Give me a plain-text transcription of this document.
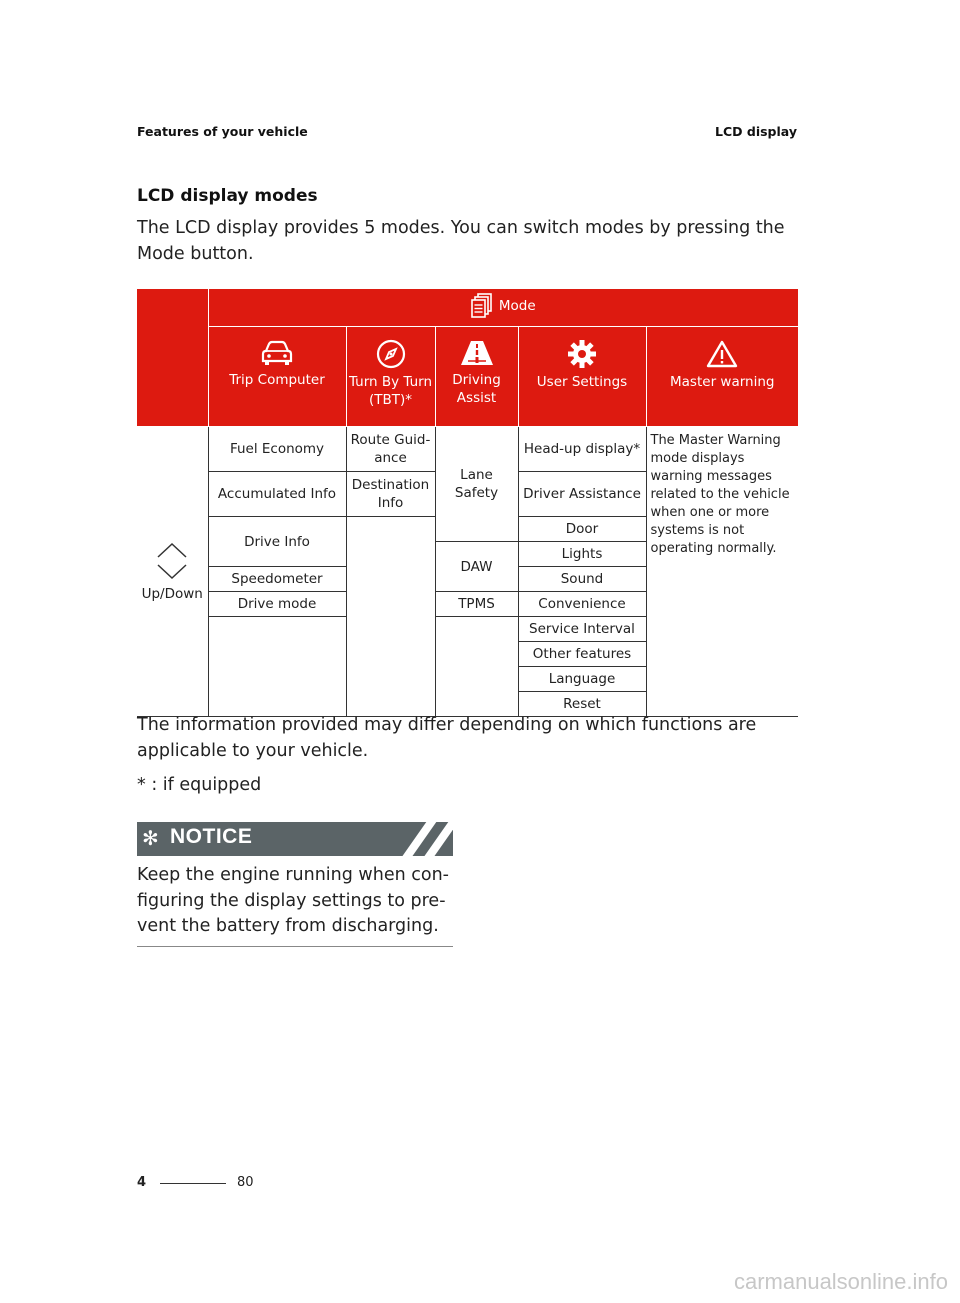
Features of your vehicle	LCD display
LCD display modes
The LCD display provides 5 modes. You can switch modes by pressing the Mode button.

	Mode				

Trip Computer	Turn By Turn (TBT)*	Driving Assist	User Settings	Master warning

Up/Down	Fuel Economy	Route Guid- ance	Lane Safety	Head-up display*	The Master Warning mode displays warning messages related to the vehicle when one or more systems is not operating normally.
	Accumulated Info	Destination Info		Driver Assistance	
	Drive Info			Door	
			DAW	Lights	
	Speedometer			Sound	
	Drive mode		TPMS	Convenience	
				Service Interval	
				Other features	
				Language	
				Reset	
The information provided may differ depending on which functions are applicable to your vehicle.
* : if equipped
✻ NOTICE
Keep the engine running when con- figuring the display settings to pre- vent the battery from discharging.
4	80
carmanualsonline.info
